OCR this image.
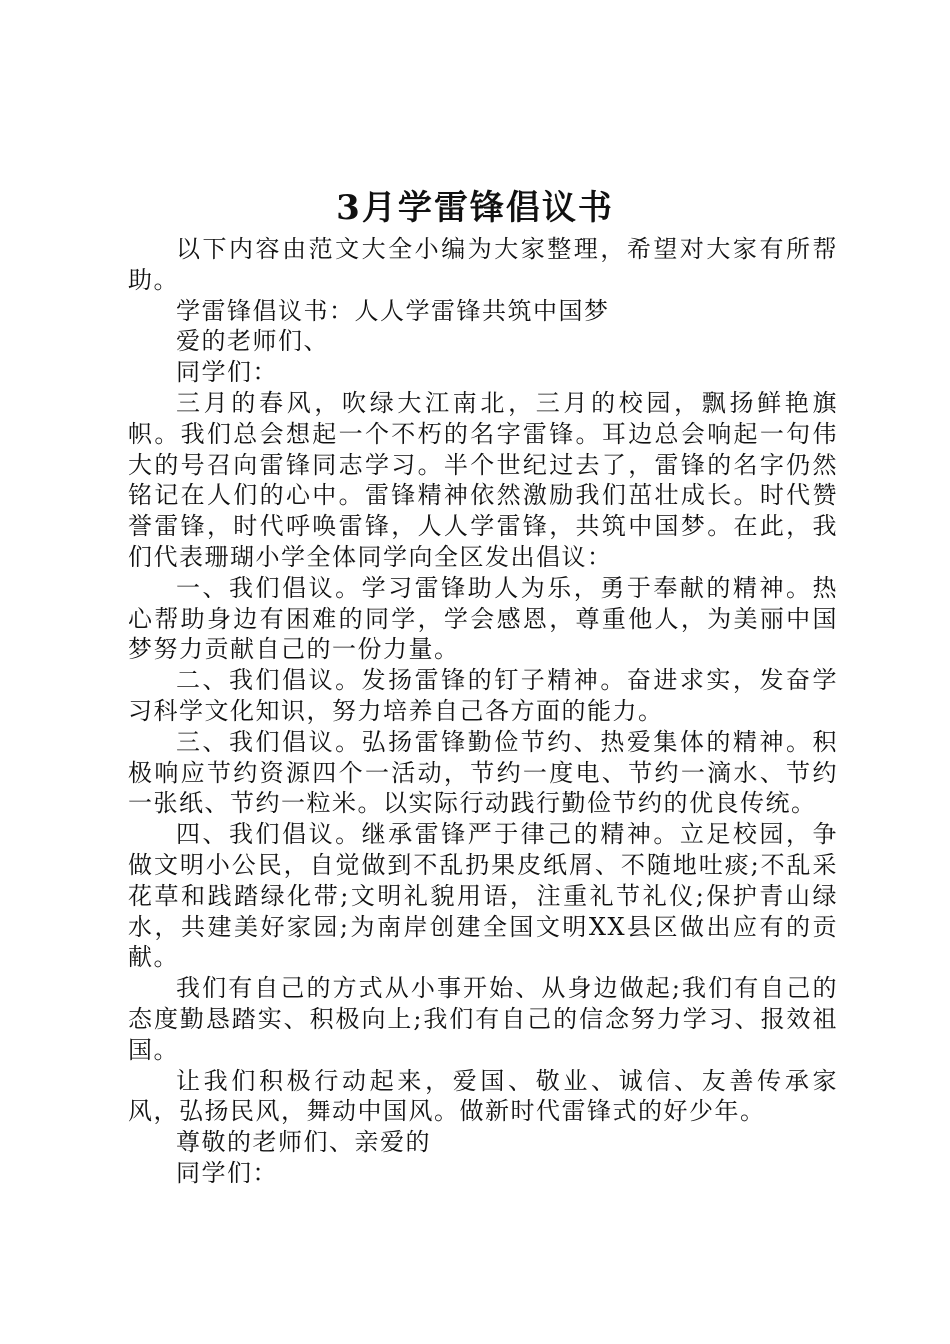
3月学雷锋倡议书

以下内容由范文大全小编为大家整理，希望对大家有所帮助。

学雷锋倡议书：人人学雷锋共筑中国梦

爱的老师们、

同学们：

三月的春风，吹绿大江南北，三月的校园，飘扬鲜艳旗帜。我们总会想起一个不朽的名字雷锋。耳边总会响起一句伟大的号召向雷锋同志学习。半个世纪过去了，雷锋的名字仍然铭记在人们的心中。雷锋精神依然激励我们茁壮成长。时代赞誉雷锋，时代呼唤雷锋，人人学雷锋，共筑中国梦。在此，我们代表珊瑚小学全体同学向全区发出倡议：

一、我们倡议。学习雷锋助人为乐，勇于奉献的精神。热心帮助身边有困难的同学，学会感恩，尊重他人，为美丽中国梦努力贡献自己的一份力量。

二、我们倡议。发扬雷锋的钉子精神。奋进求实，发奋学习科学文化知识，努力培养自己各方面的能力。

三、我们倡议。弘扬雷锋勤俭节约、热爱集体的精神。积极响应节约资源四个一活动，节约一度电、节约一滴水、节约一张纸、节约一粒米。以实际行动践行勤俭节约的优良传统。

四、我们倡议。继承雷锋严于律己的精神。立足校园，争做文明小公民，自觉做到不乱扔果皮纸屑、不随地吐痰;不乱采花草和践踏绿化带;文明礼貌用语，注重礼节礼仪;保护青山绿水，共建美好家园;为南岸创建全国文明XX县区做出应有的贡献。

我们有自己的方式从小事开始、从身边做起;我们有自己的态度勤恳踏实、积极向上;我们有自己的信念努力学习、报效祖国。

让我们积极行动起来，爱国、敬业、诚信、友善传承家风，弘扬民风，舞动中国风。做新时代雷锋式的好少年。

尊敬的老师们、亲爱的

同学们：
